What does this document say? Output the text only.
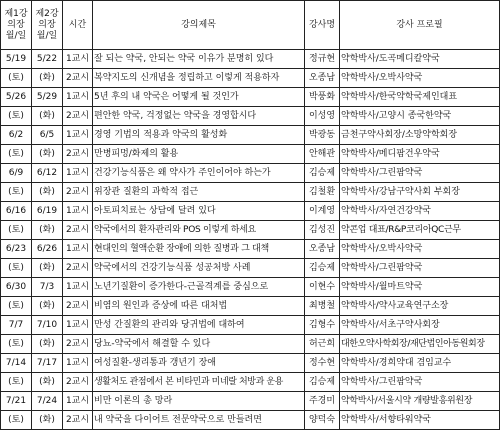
제1강 의장 월/일	제2강 의장 월/일	시간	강의제목	강사명	강사 프로필
5/19	5/22	1교시	잘 되는 약국, 안되는 약국 이유가 분명히 있다	정규현	약학박사/도곡메디칼약국
(토)	(화)	2교시	복약지도의 신개념을 정립하고 이렇게 적용하자	오종남	약학박사/오박사약국
5/26	5/29	1교시	5년 후의 내 약국은 어떻게 될 것인가	박풍화	약학박사/한국약학국제인대표
(토)	(화)	2교시	편안한 약국, 걱정없는 약국을 경영합시다	이성영	약학박사/고양시 종국한약국
6/2	6/5	1교시	경영 기법의 적용과 약국의 활성화	박광동	금천구약사회장/소망약학회장
(토)	(화)	2교시	만병피멍/화제의 활용	안해관	약학박사/메디팜건우약국
6/9	6/12	1교시	건강기능식품은 왜 약사가 주인이어야 하는가	김승제	약학박사/그린팜약국
(토)	(화)	2교시	위장관 질환의 과학적 접근	김철환	약학박사/강남구약사회 부회장
6/16	6/19	1교시	아토피치료는 상담에 달려 있다	이계영	약학박사/자연건강약국
(토)	(화)	2교시	약국에서의 환자관리와 POS 이렇게 하세요	김성진	약콘업 대표/R&P코리아QC근무
6/23	6/26	1교시	현대인의 혈액순환 장애에 의한 질병과 그 대책	오종남	약학박사/오박사약국
(토)	(화)	2교시	약국에서의 건강기능식품 성공처방 사례	김승제	약학박사/그린팜약국
6/30	7/3	1교시	노년기질환이 증가한다-근골격계를 중심으로	이현수	약학박사/월마트약국
(토)	(화)	2교시	비염의 원인과 증상에 따른 대처법	최병철	약학박사/약사교육연구소장
7/7	7/10	1교시	만성 간질환의 관리와 당귀법에 대하여	김형수	약학박사/서초구약사회장
(토)	(화)	2교시	당뇨-약국에서 해결할 수 있다	허근희	대한오약사학회장/재단법인아동원회장
7/14	7/17	1교시	여성질환-생리통과 갱년기 장애	정수현	약학박사/경희약대 겸임교수
(토)	(화)	2교시	생활처도 관점에서 본 비타민과 미네랄 처방과 운용	김승제	약학박사/그린팜약국
7/21	7/24	1교시	비만 이론의 총 망라	주경미	약학박사/서울시약 개량발흥위원장
(토)	(화)	2교시	내 약국을 다이어트 전문약국으로 만들려면	양덕숙	약학박사/서향타워약국
